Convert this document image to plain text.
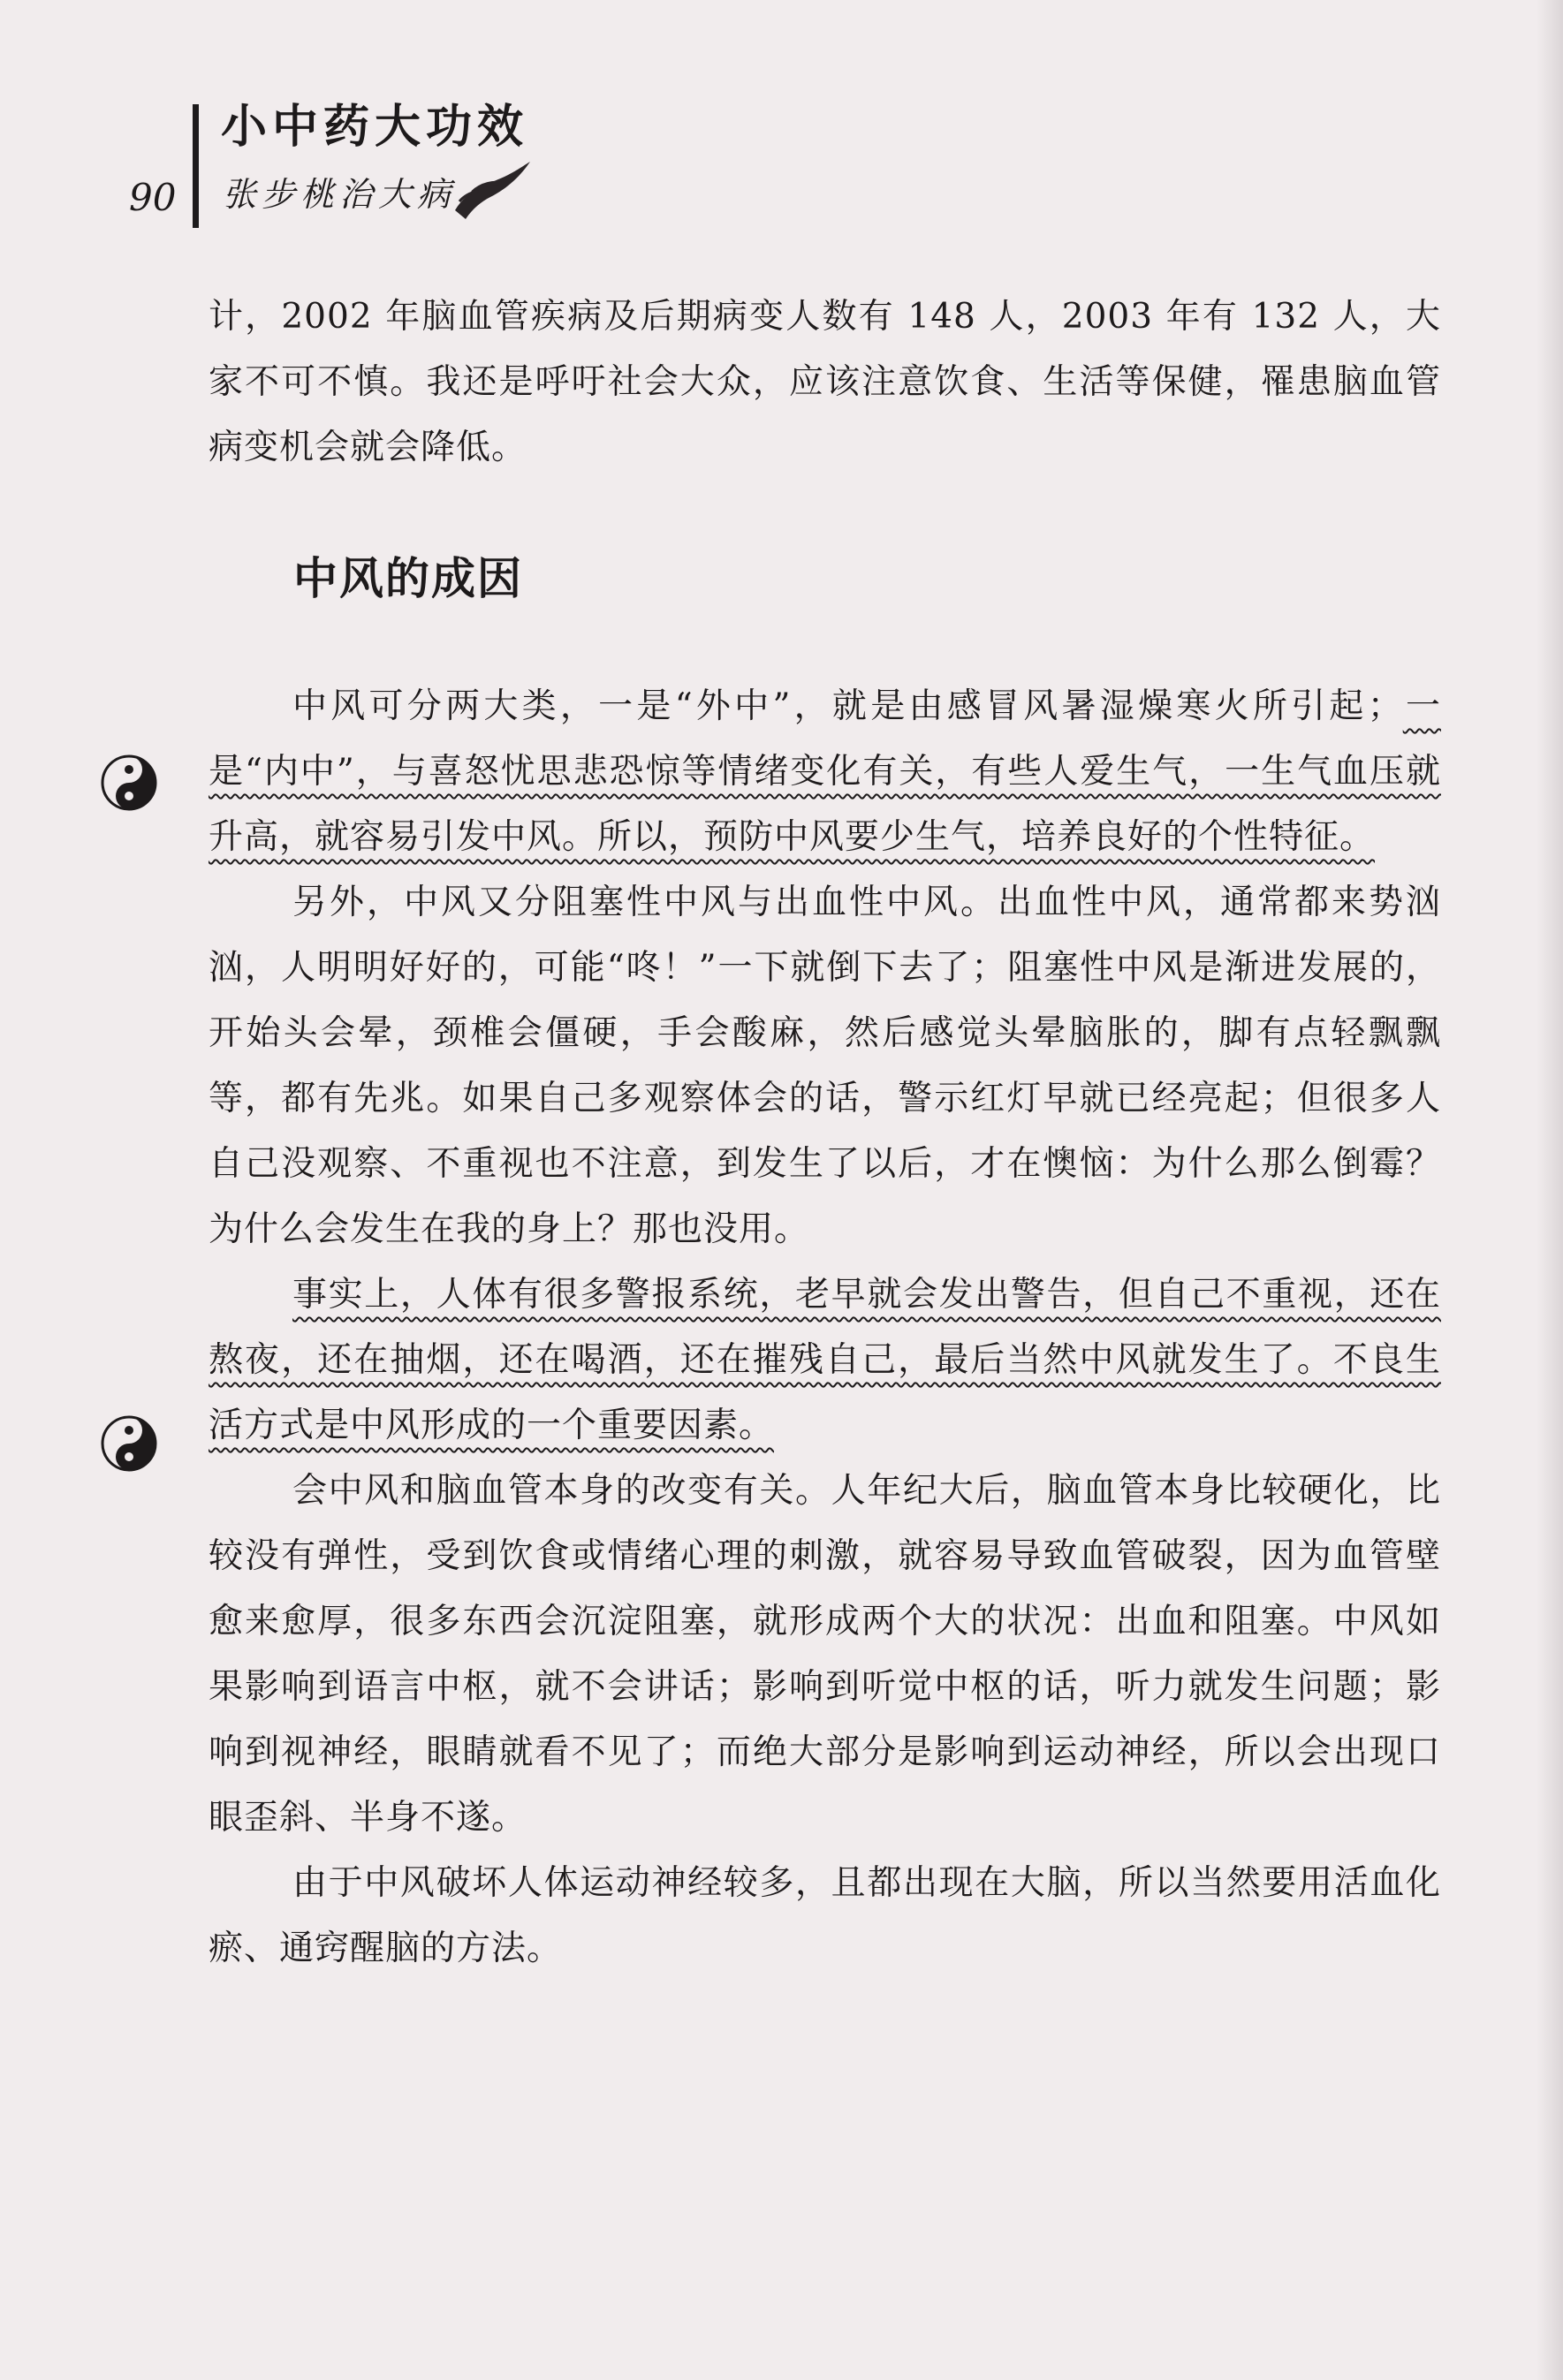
小中药大功效
张步桃治大病
90

计，2002 年脑血管疾病及后期病变人数有 148 人，2003 年有 132 人，大家不可不慎。我还是呼吁社会大众，应该注意饮食、生活等保健，罹患脑血管病变机会就会降低。

中风的成因

中风可分两大类，一是“外中”，就是由感冒风暑湿燥寒火所引起；一是“内中”，与喜怒忧思悲恐惊等情绪变化有关，有些人爱生气，一生气血压就升高，就容易引发中风。所以，预防中风要少生气，培养良好的个性特征。

另外，中风又分阻塞性中风与出血性中风。出血性中风，通常都来势汹汹，人明明好好的，可能“咚！”一下就倒下去了；阻塞性中风是渐进发展的，开始头会晕，颈椎会僵硬，手会酸麻，然后感觉头晕脑胀的，脚有点轻飘飘等，都有先兆。如果自己多观察体会的话，警示红灯早就已经亮起；但很多人自己没观察、不重视也不注意，到发生了以后，才在懊恼：为什么那么倒霉？为什么会发生在我的身上？那也没用。

事实上，人体有很多警报系统，老早就会发出警告，但自己不重视，还在熬夜，还在抽烟，还在喝酒，还在摧残自己，最后当然中风就发生了。不良生活方式是中风形成的一个重要因素。

会中风和脑血管本身的改变有关。人年纪大后，脑血管本身比较硬化，比较没有弹性，受到饮食或情绪心理的刺激，就容易导致血管破裂，因为血管壁愈来愈厚，很多东西会沉淀阻塞，就形成两个大的状况：出血和阻塞。中风如果影响到语言中枢，就不会讲话；影响到听觉中枢的话，听力就发生问题；影响到视神经，眼睛就看不见了；而绝大部分是影响到运动神经，所以会出现口眼歪斜、半身不遂。

由于中风破坏人体运动神经较多，且都出现在大脑，所以当然要用活血化瘀、通窍醒脑的方法。
